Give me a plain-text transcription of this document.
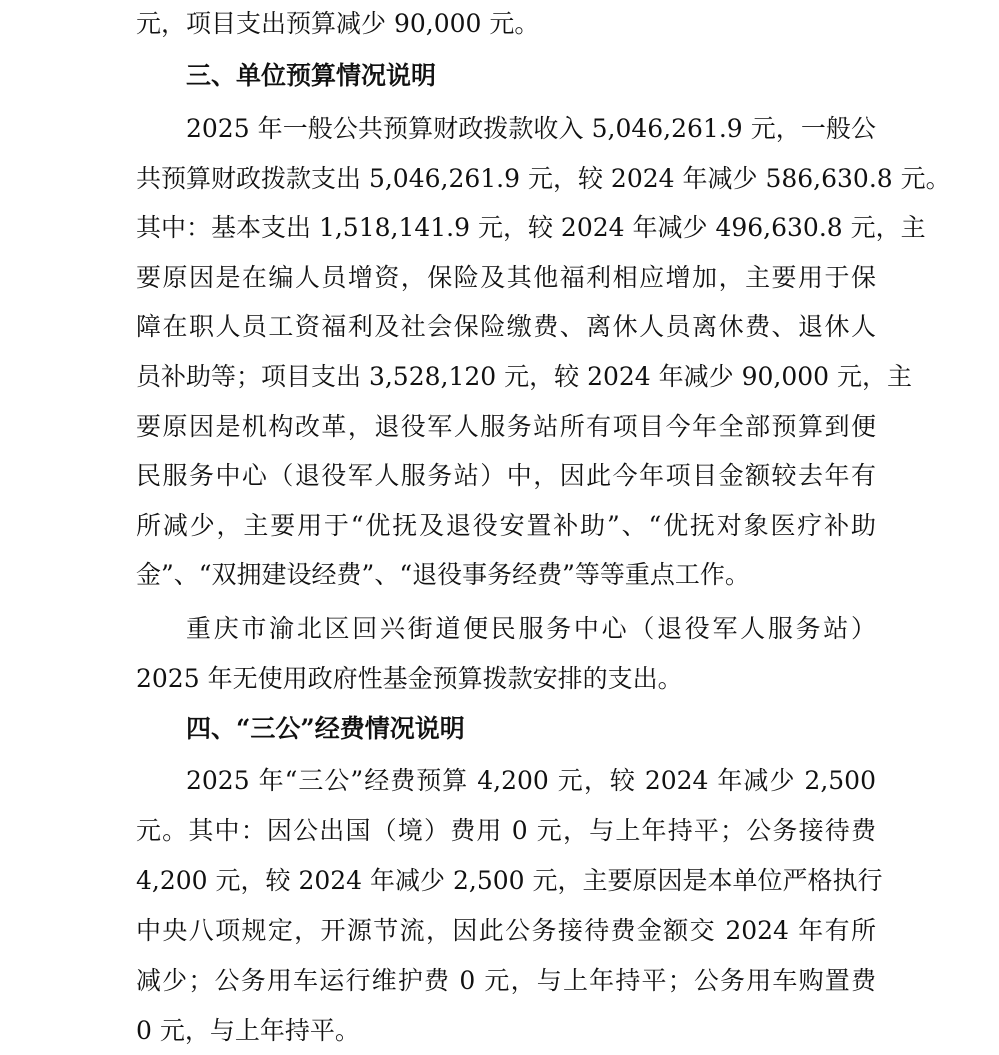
元，项目支出预算减少 90,000 元。
三、单位预算情况说明
2025 年一般公共预算财政拨款收入 5,046,261.9 元，一般公
共预算财政拨款支出 5,046,261.9 元，较 2024 年减少 586,630.8 元。
其中：基本支出 1,518,141.9 元，较 2024 年减少 496,630.8 元，主
要原因是在编人员增资，保险及其他福利相应增加，主要用于保
障在职人员工资福利及社会保险缴费、离休人员离休费、退休人
员补助等；项目支出 3,528,120 元，较 2024 年减少 90,000 元，主
要原因是机构改革，退役军人服务站所有项目今年全部预算到便
民服务中心（退役军人服务站）中，因此今年项目金额较去年有
所减少，主要用于“优抚及退役安置补助”、“优抚对象医疗补助
金”、“双拥建设经费”、“退役事务经费”等等重点工作。
重庆市渝北区回兴街道便民服务中心（退役军人服务站）
2025 年无使用政府性基金预算拨款安排的支出。
四、“三公”经费情况说明
2025 年“三公”经费预算 4,200 元，较 2024 年减少 2,500
元。其中：因公出国（境）费用 0 元，与上年持平；公务接待费
4,200 元，较 2024 年减少 2,500 元，主要原因是本单位严格执行
中央八项规定，开源节流，因此公务接待费金额交 2024 年有所
减少；公务用车运行维护费 0 元，与上年持平；公务用车购置费
0 元，与上年持平。
